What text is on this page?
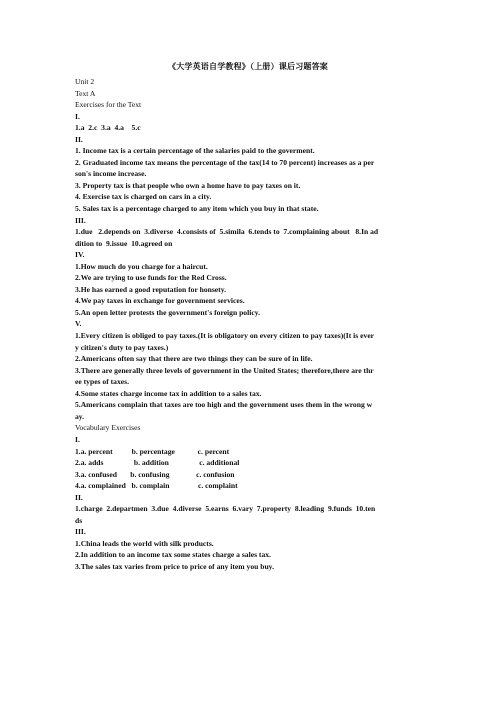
《大学英语自学教程》（上册）课后习题答案
Unit 2
Text A
Exercises for the Text
I.
1.a  2.c  3.a  4.a    5.c
II.
1. Income tax is a certain percentage of the salaries paid to the goverment.
2. Graduated income tax means the percentage of the tax(14 to 70 percent) increases as a per
son's income increase.
3. Property tax is that people who own a home have to pay taxes on it.
4. Exercise tax is charged on cars in a city.
5. Sales tax is a percentage charged to any item which you buy in that state.
III.
1.due   2.depends on  3.diverse  4.consists of  5.simila  6.tends to  7.complaining about   8.In ad
dition to  9.issue  10.agreed on
IV.
1.How much do you charge for a haircut.
2.We are trying to use funds for the Red Cross.
3.He has earned a good reputation for honsety.
4.We pay taxes in exchange for government services.
5.An open letter protests the government's foreign policy.
V.
1.Every citizen is obliged to pay taxes.(It is obligatory on every citizen to pay taxes)(It is ever
y citizen's duty to pay taxes.)
2.Americans often say that there are two things they can be sure of in life.
3.There are generally three levels of government in the United States; therefore,there are thr
ee types of taxes.
4.Some states charge income tax in addition to a sales tax.
5.Americans complain that taxes are too high and the government uses them in the wrong w
ay.
Vocabulary Exercises
I.
1.a. percent          b. percentage            c. percent
2.a. adds                b. addition                c. additional
3.a. confused       b. confusing              c. confusion
4.a. complained   b. complain               c. complaint
II.
1.charge  2.departmen  3.due  4.diverse  5.earns  6.vary  7.property  8.leading  9.funds  10.ten
ds
III.
1.China leads the world with silk products.
2.In addition to an income tax some states charge a sales tax.
3.The sales tax varies from price to price of any item you buy.
